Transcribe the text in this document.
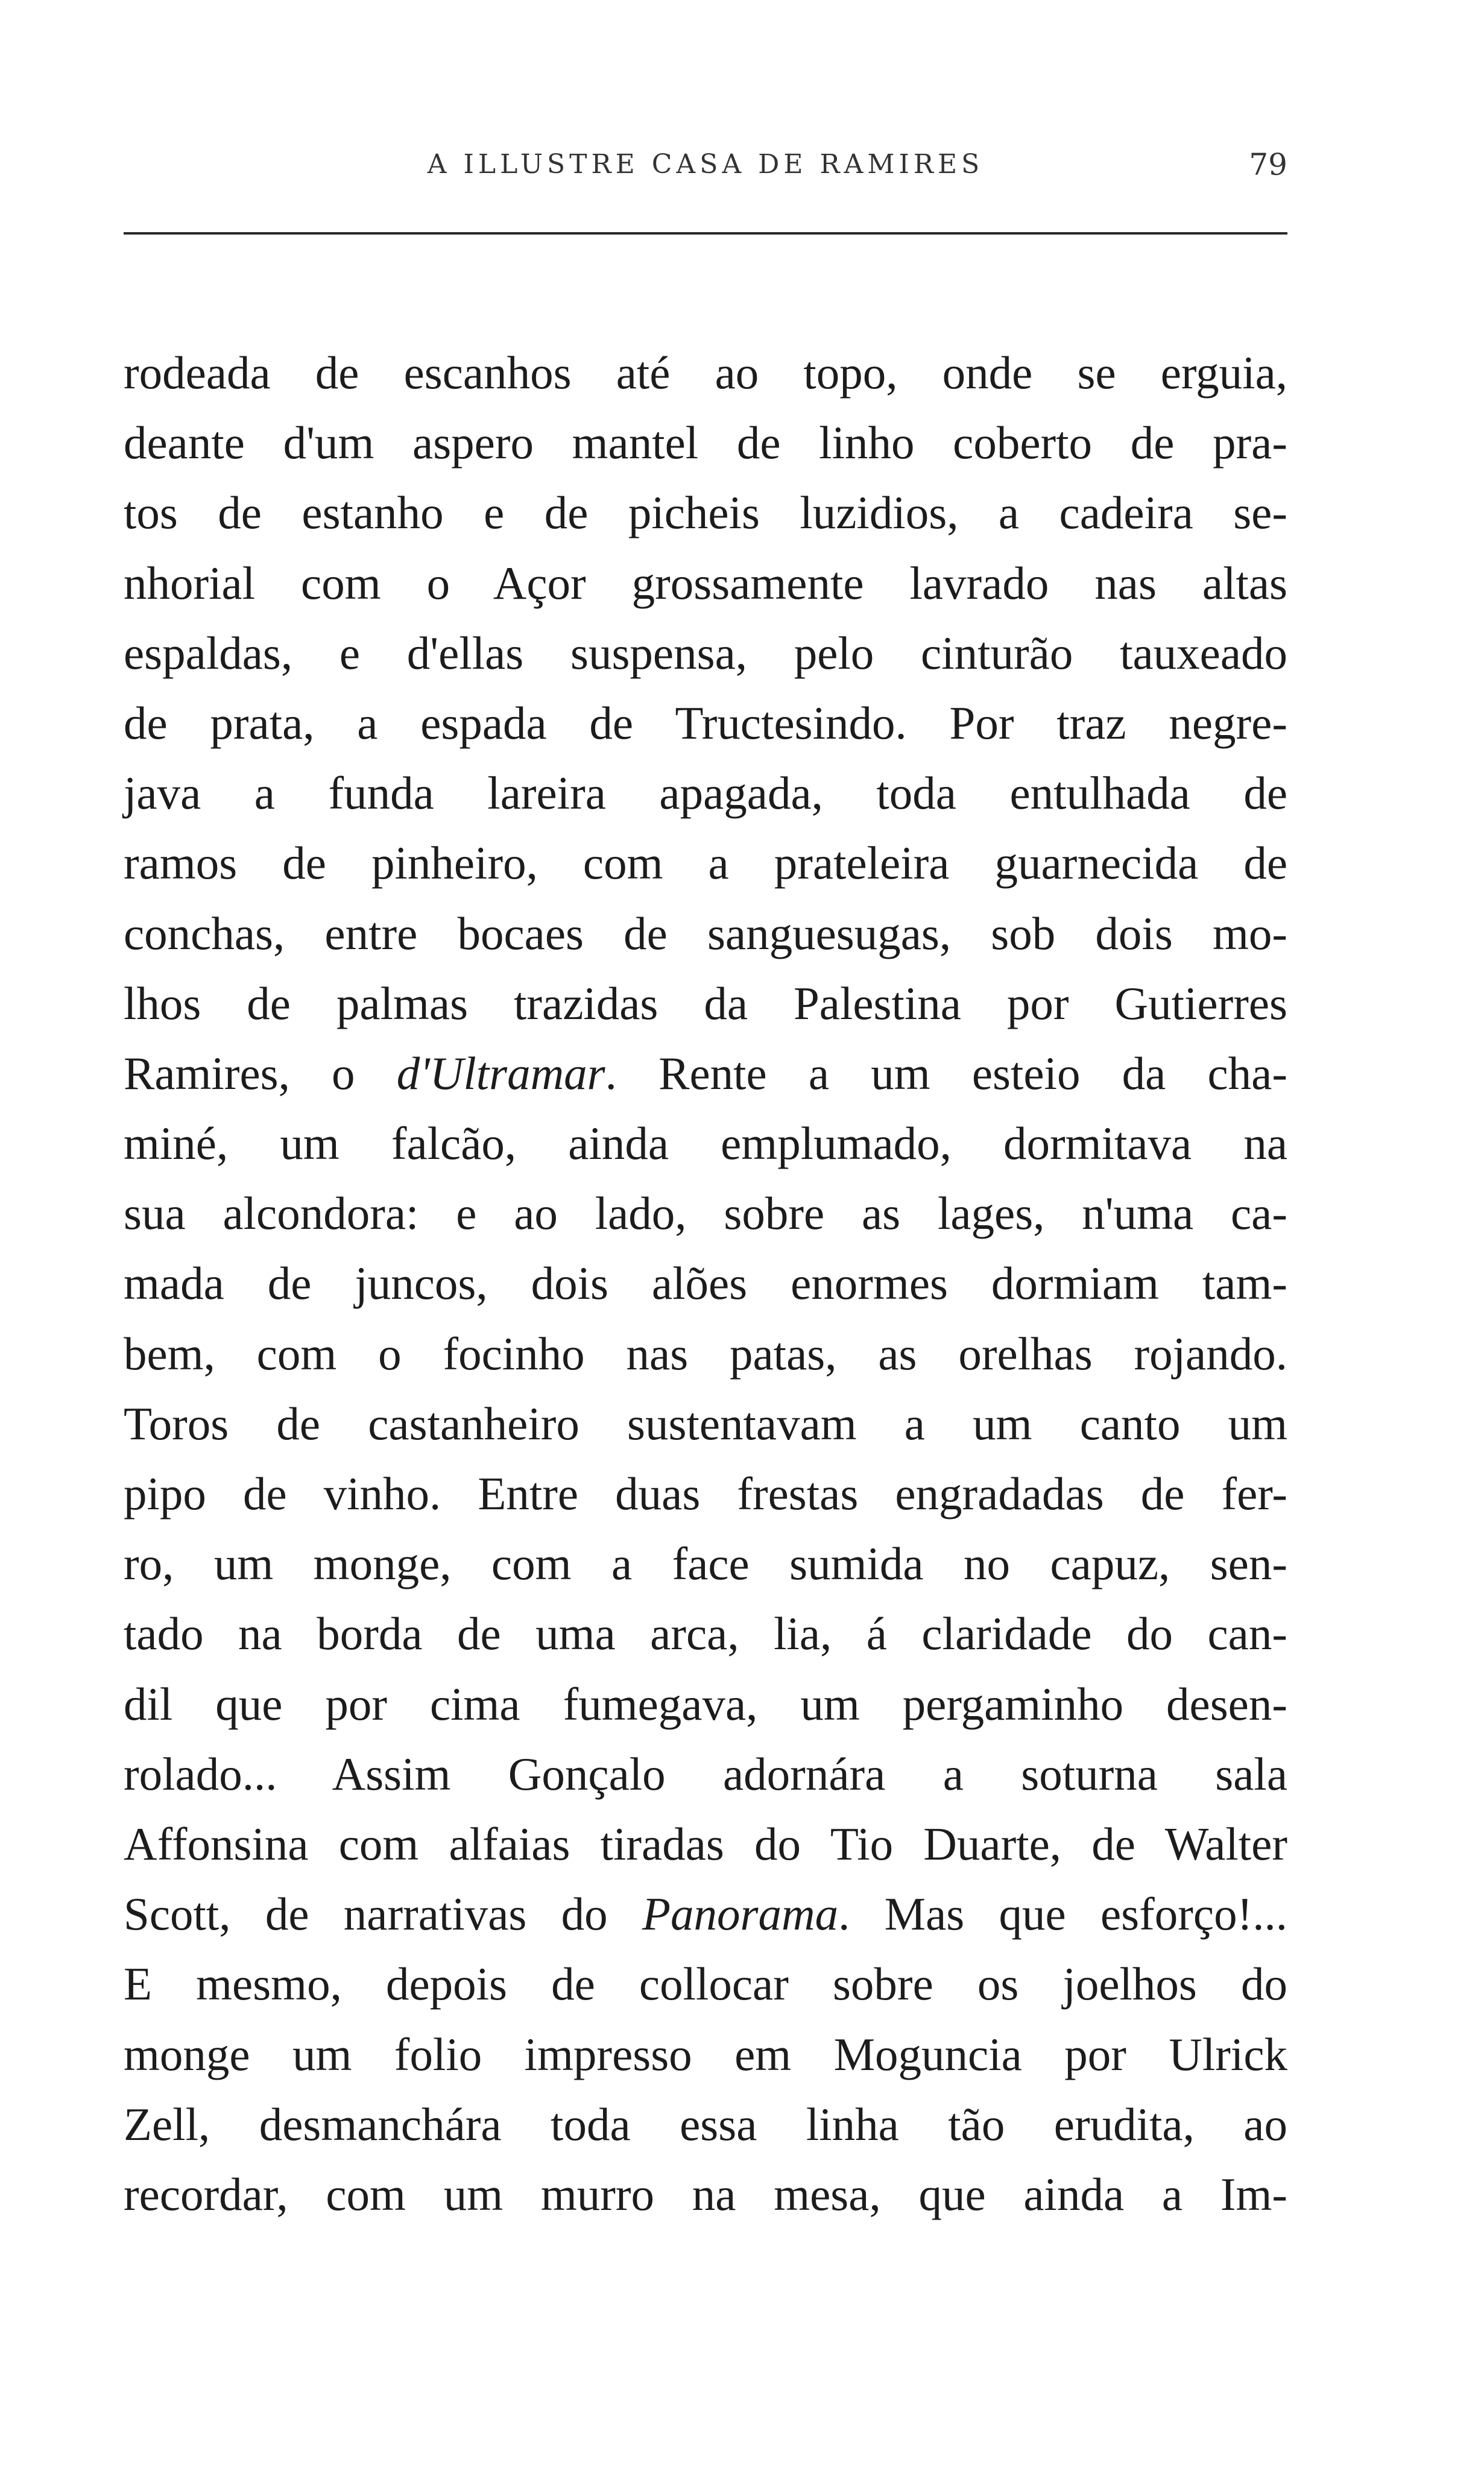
A ILLUSTRE CASA DE RAMIRES	79
rodeada de escanhos até ao topo, onde se erguia,
deante d'um aspero mantel de linho coberto de pra-
tos de estanho e de picheis luzidios, a cadeira se-
nhorial com o Açor grossamente lavrado nas altas
espaldas, e d'ellas suspensa, pelo cinturão tauxeado
de prata, a espada de Tructesindo. Por traz negre-
java a funda lareira apagada, toda entulhada de
ramos de pinheiro, com a prateleira guarnecida de
conchas, entre bocaes de sanguesugas, sob dois mo-
lhos de palmas trazidas da Palestina por Gutierres
Ramires, o d'Ultramar. Rente a um esteio da cha-
miné, um falcão, ainda emplumado, dormitava na
sua alcondora: e ao lado, sobre as lages, n'uma ca-
mada de juncos, dois alões enormes dormiam tam-
bem, com o focinho nas patas, as orelhas rojando.
Toros de castanheiro sustentavam a um canto um
pipo de vinho. Entre duas frestas engradadas de fer-
ro, um monge, com a face sumida no capuz, sen-
tado na borda de uma arca, lia, á claridade do can-
dil que por cima fumegava, um pergaminho desen-
rolado... Assim Gonçalo adornára a soturna sala
Affonsina com alfaias tiradas do Tio Duarte, de Walter
Scott, de narrativas do Panorama. Mas que esforço!...
E mesmo, depois de collocar sobre os joelhos do
monge um folio impresso em Moguncia por Ulrick
Zell, desmanchára toda essa linha tão erudita, ao
recordar, com um murro na mesa, que ainda a Im-
